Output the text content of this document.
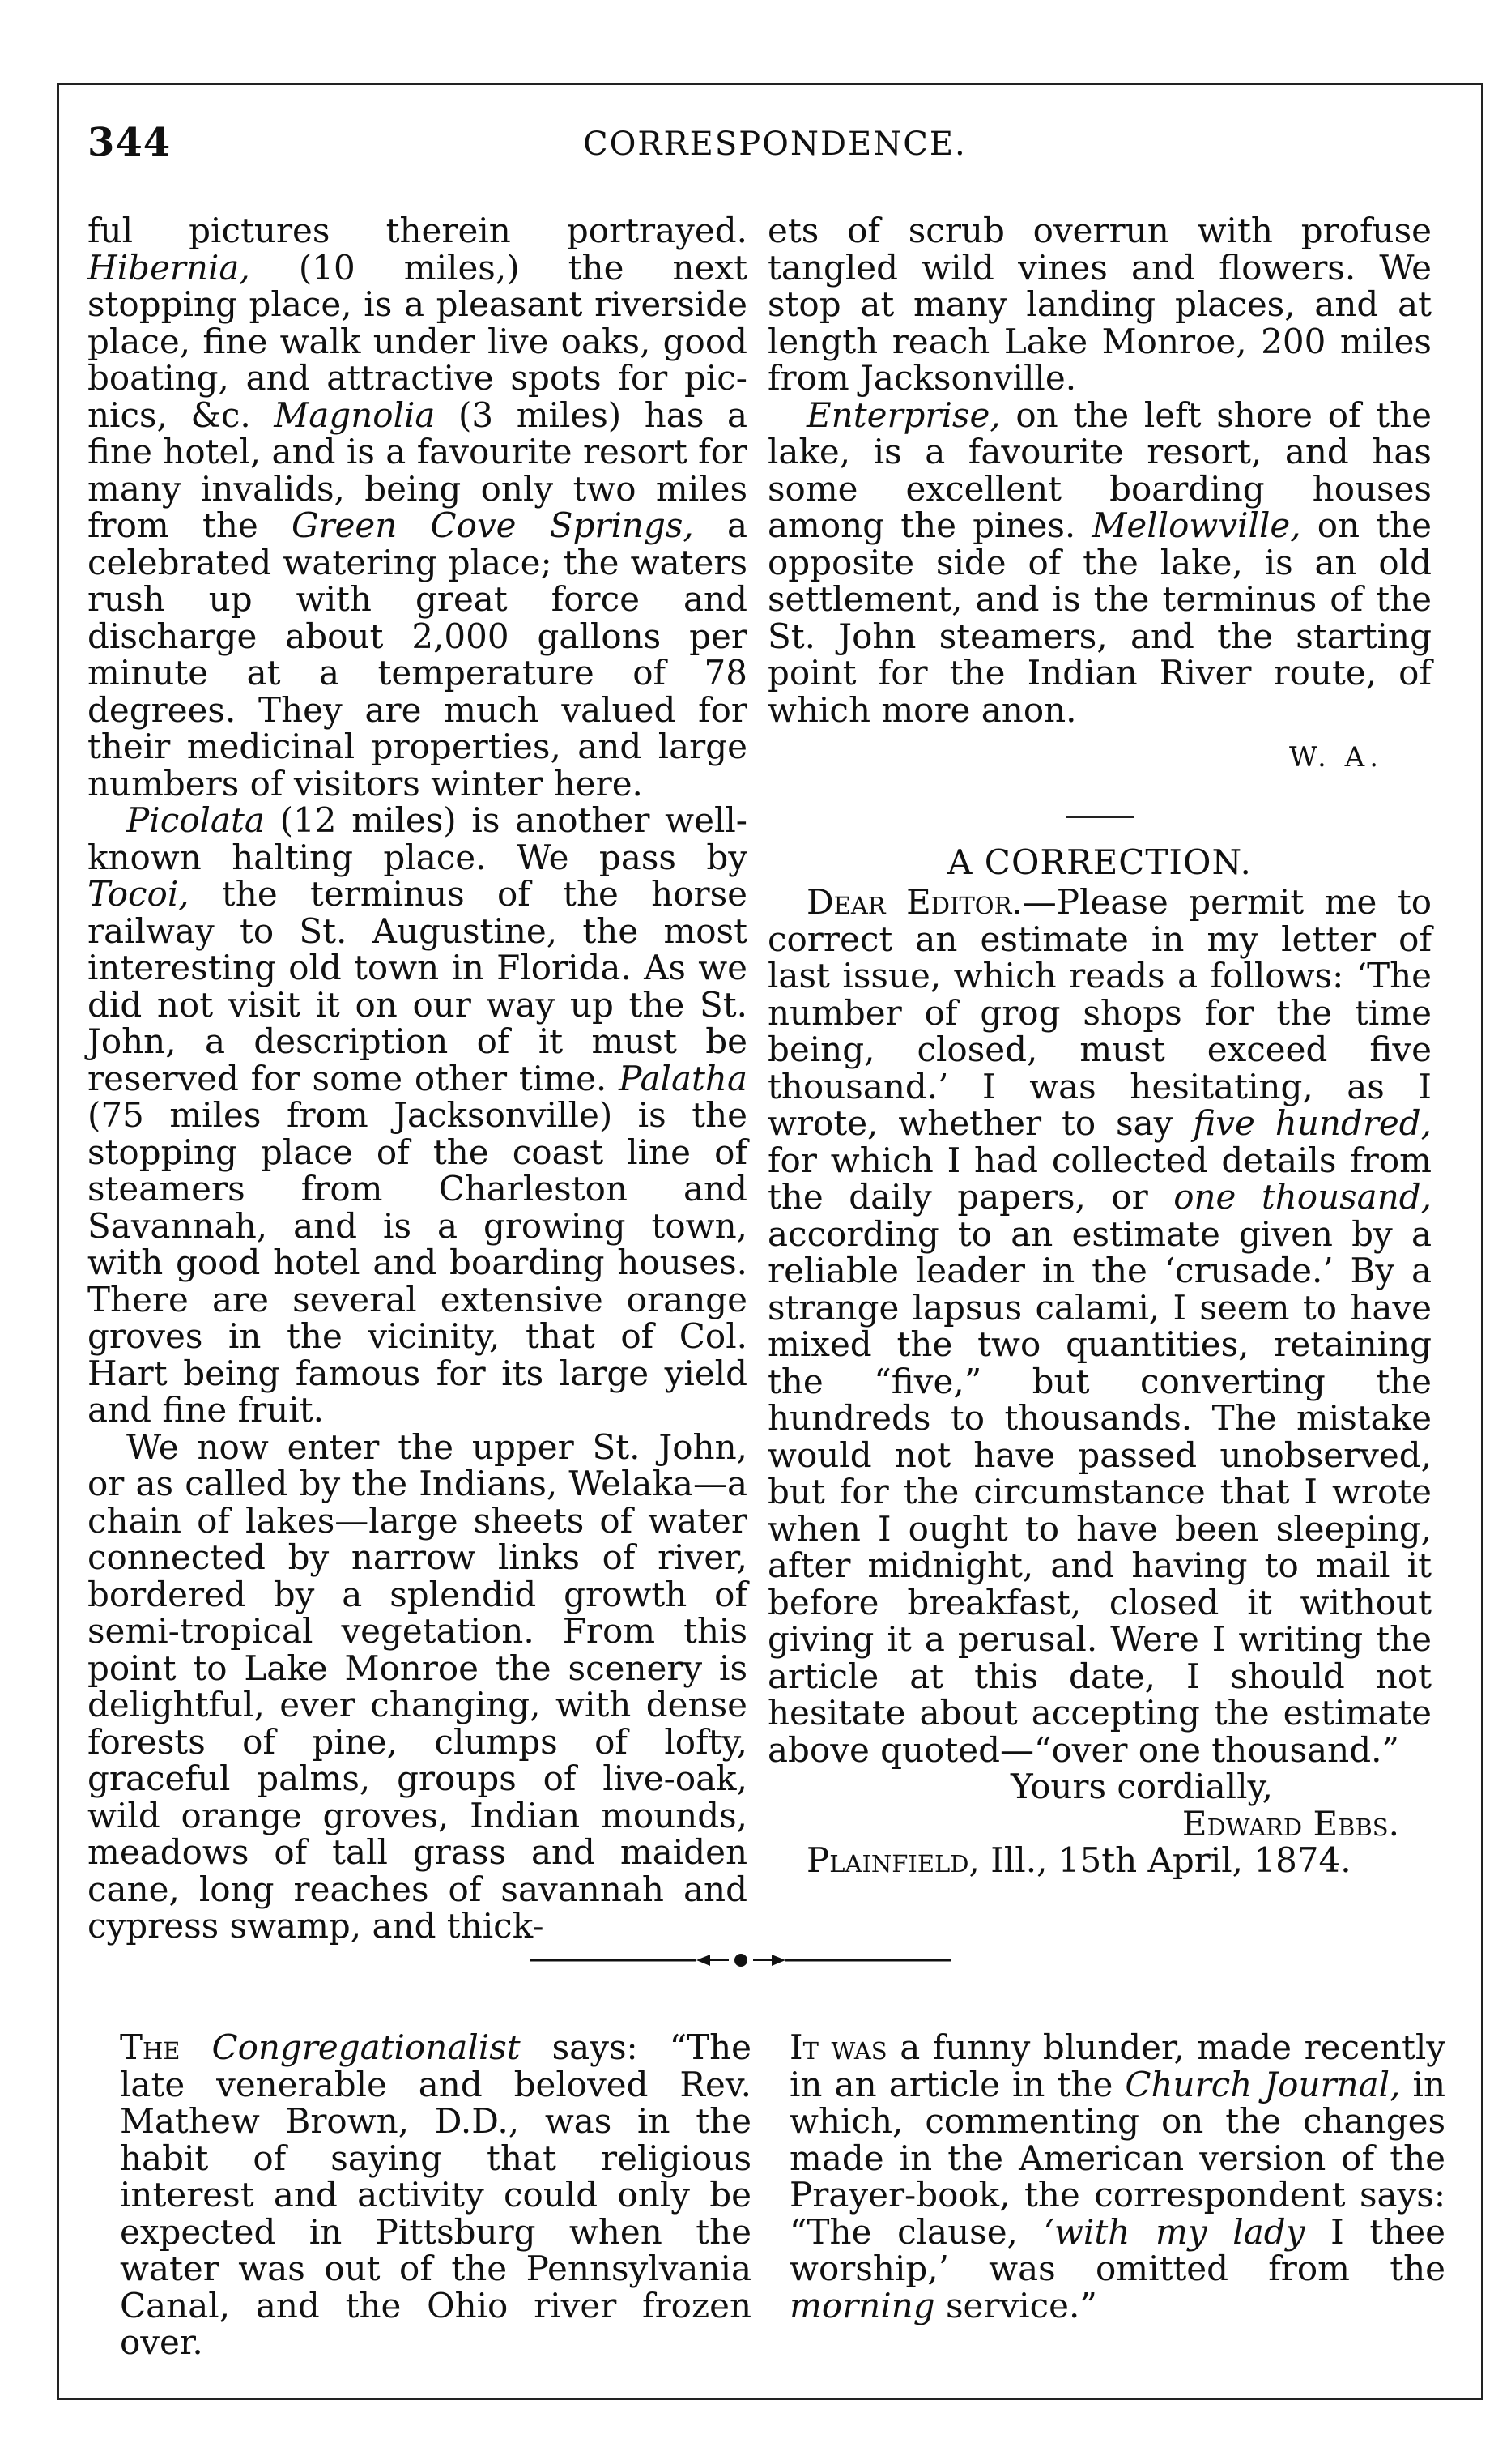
344	CORRESPONDENCE.

ful pictures therein portrayed. Hibernia, (10 miles,) the next stopping place, is a pleasant riverside place, fine walk under live oaks, good boating, and attractive spots for pic-nics, &c. Magnolia (3 miles) has a fine hotel, and is a favourite resort for many invalids, being only two miles from the Green Cove Springs, a celebrated watering place; the waters rush up with great force and discharge about 2,000 gallons per minute at a temperature of 78 degrees. They are much valued for their medicinal properties, and large numbers of visitors winter here.

Picolata (12 miles) is another well-known halting place. We pass by Tocoi, the terminus of the horse railway to St. Augustine, the most interesting old town in Florida. As we did not visit it on our way up the St. John, a description of it must be reserved for some other time. Palatha (75 miles from Jacksonville) is the stopping place of the coast line of steamers from Charleston and Savannah, and is a growing town, with good hotel and boarding houses. There are several extensive orange groves in the vicinity, that of Col. Hart being famous for its large yield and fine fruit.

We now enter the upper St. John, or as called by the Indians, Welaka—a chain of lakes—large sheets of water connected by narrow links of river, bordered by a splendid growth of semi-tropical vegetation. From this point to Lake Monroe the scenery is delightful, ever changing, with dense forests of pine, clumps of lofty, graceful palms, groups of live-oak, wild orange groves, Indian mounds, meadows of tall grass and maiden cane, long reaches of savannah and cypress swamp, and thick-

ets of scrub overrun with profuse tangled wild vines and flowers. We stop at many landing places, and at length reach Lake Monroe, 200 miles from Jacksonville.

Enterprise, on the left shore of the lake, is a favourite resort, and has some excellent boarding houses among the pines. Mellowville, on the opposite side of the lake, is an old settlement, and is the terminus of the St. John steamers, and the starting point for the Indian River route, of which more anon.

W. A.
A CORRECTION.

Dear Editor.—Please permit me to correct an estimate in my letter of last issue, which reads a follows: ‘The number of grog shops for the time being, closed, must exceed five thousand.’ I was hesitating, as I wrote, whether to say five hundred, for which I had collected details from the daily papers, or one thousand, according to an estimate given by a reliable leader in the ‘crusade.’ By a strange lapsus calami, I seem to have mixed the two quantities, retaining the “five,” but converting the hundreds to thousands. The mistake would not have passed unobserved, but for the circumstance that I wrote when I ought to have been sleeping, after midnight, and having to mail it before breakfast, closed it without giving it a perusal. Were I writing the article at this date, I should not hesitate about accepting the estimate above quoted—“over one thousand.”

Yours cordially,

Edward Ebbs.

Plainfield, Ill., 15th April, 1874.

The Congregationalist says: “The late venerable and beloved Rev. Mathew Brown, D.D., was in the habit of saying that religious interest and activity could only be expected in Pittsburg when the water was out of the Pennsylvania Canal, and the Ohio river frozen over.

It was a funny blunder, made recently in an article in the Church Journal, in which, commenting on the changes made in the American version of the Prayer-book, the correspondent says: “The clause, ‘with my lady I thee worship,’ was omitted from the morning service.”
